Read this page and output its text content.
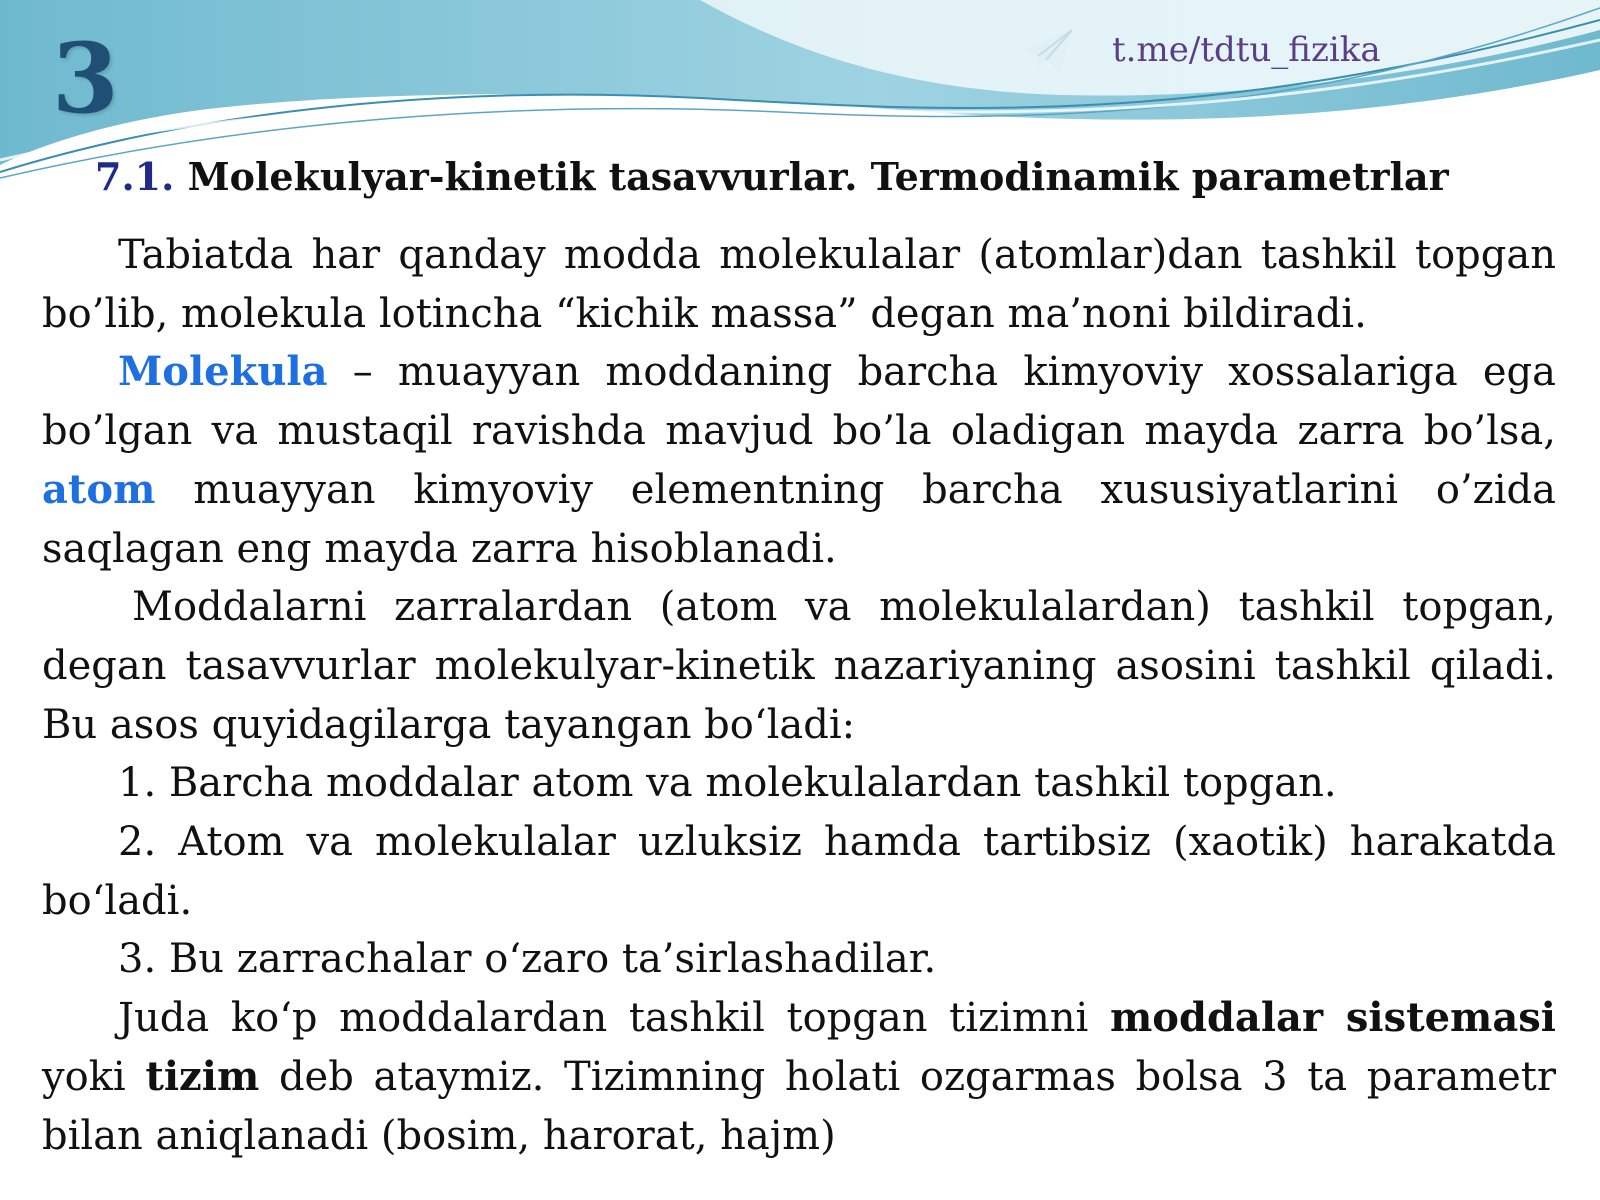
3	t.me/tdtu_fizika
7.1. Molekulyar-kinetik tasavvurlar. Termodinamik parametrlar

Tabiatda har qanday modda molekulalar (atomlar)dan tashkil topgan bo’lib, molekula lotincha “kichik massa” degan ma’noni bildiradi.

Molekula – muayyan moddaning barcha kimyoviy xossalariga ega bo’lgan va mustaqil ravishda mavjud bo’la oladigan mayda zarra bo’lsa, atom muayyan kimyoviy elementning barcha xususiyatlarini o’zida saqlagan eng mayda zarra hisoblanadi.

Moddalarni zarralardan (atom va molekulalardan) tashkil topgan, degan tasavvurlar molekulyar-kinetik nazariyaning asosini tashkil qiladi. Bu asos quyidagilarga tayangan bo‘ladi:

1. Barcha moddalar atom va molekulalardan tashkil topgan.

2. Atom va molekulalar uzluksiz hamda tartibsiz (xaotik) harakatda bo‘ladi.

3. Bu zarrachalar o‘zaro ta’sirlashadilar.

Juda ko‘p moddalardan tashkil topgan tizimni moddalar sistemasi yoki tizim deb ataymiz. Tizimning holati ozgarmas bolsa 3 ta parametr bilan aniqlanadi (bosim, harorat, hajm)
